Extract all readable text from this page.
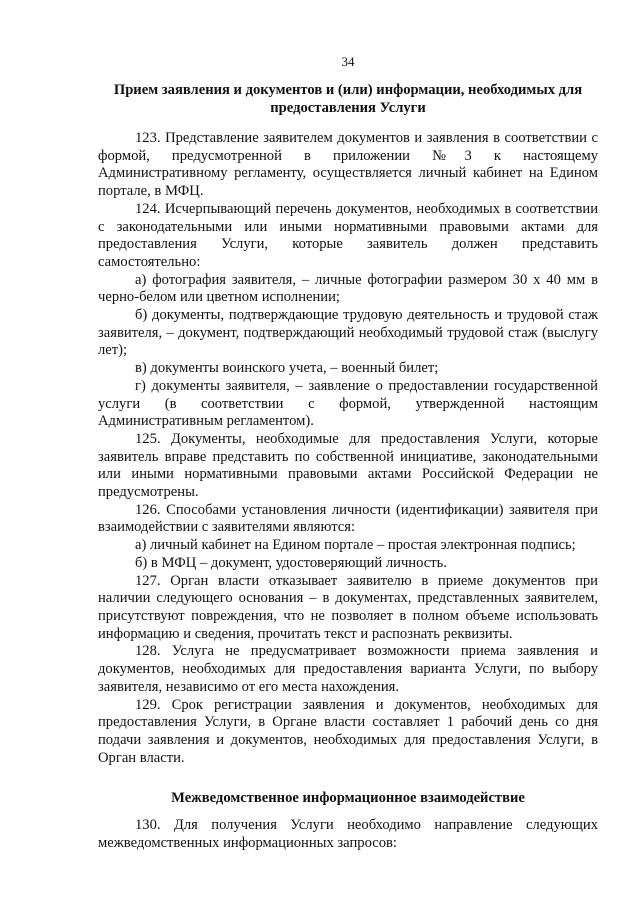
34
Прием заявления и документов и (или) информации, необходимых для
предоставления Услуги

123. Представление заявителем документов и заявления в соответствии с формой, предусмотренной в приложении №3 к настоящему Административному регламенту, осуществляется личный кабинет на Едином портале, в МФЦ.

124. Исчерпывающий перечень документов, необходимых в соответствии с законодательными или иными нормативными правовыми актами для предоставления Услуги, которые заявитель должен представить самостоятельно:

а) фотография заявителя, – личные фотографии размером 30 х 40 мм в черно-белом или цветном исполнении;

б) документы, подтверждающие трудовую деятельность и трудовой стаж заявителя, – документ, подтверждающий необходимый трудовой стаж (выслугу лет);

в) документы воинского учета, – военный билет;

г) документы заявителя, – заявление о предоставлении государственной услуги (в соответствии с формой, утвержденной настоящим Административным регламентом).

125. Документы, необходимые для предоставления Услуги, которые заявитель вправе представить по собственной инициативе, законодательными или иными нормативными правовыми актами Российской Федерации не предусмотрены.

126. Способами установления личности (идентификации) заявителя при взаимодействии с заявителями являются:

а) личный кабинет на Едином портале – простая электронная подпись;

б) в МФЦ – документ, удостоверяющий личность.

127. Орган власти отказывает заявителю в приеме документов при наличии следующего основания – в документах, представленных заявителем, присутствуют повреждения, что не позволяет в полном объеме использовать информацию и сведения, прочитать текст и распознать реквизиты.

128. Услуга не предусматривает возможности приема заявления и документов, необходимых для предоставления варианта Услуги, по выбору заявителя, независимо от его места нахождения.

129. Срок регистрации заявления и документов, необходимых для предоставления Услуги, в Органе власти составляет 1 рабочий день со дня подачи заявления и документов, необходимых для предоставления Услуги, в Орган власти.

Межведомственное информационное взаимодействие

130. Для получения Услуги необходимо направление следующих межведомственных информационных запросов:
